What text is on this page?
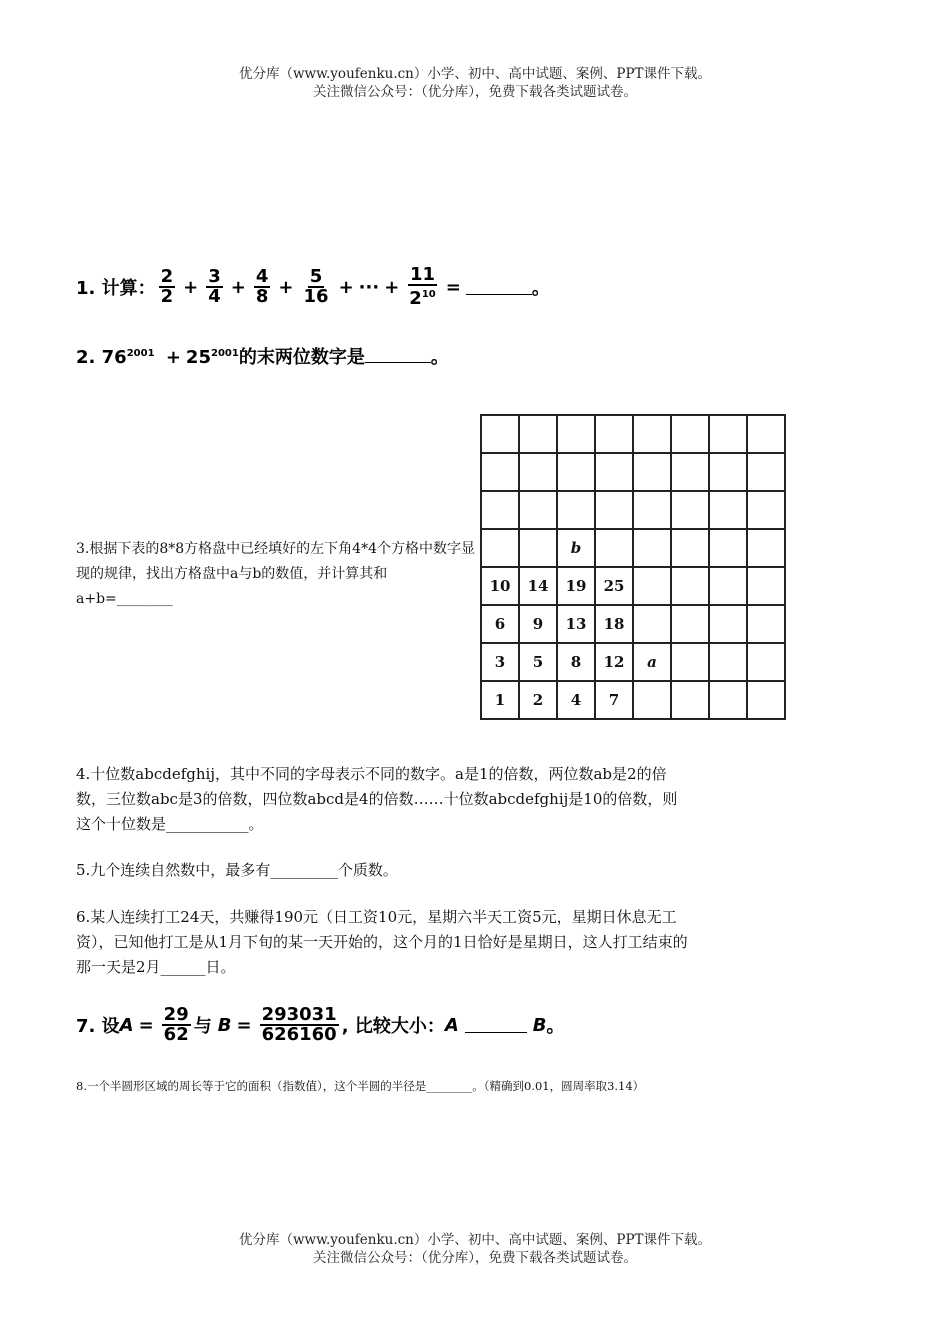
优分库（www.youfenku.cn）小学、初中、高中试题、案例、PPT课件下载。
关注微信公众号：（优分库），免费下载各类试题试卷。
1. 计算： $\frac{2}{2} + \frac{3}{4} + \frac{4}{8} + \frac{5}{16}$ + ··· + $\frac{11}{2^{10}}$ =	。
2. $76^{2001} + 25^{2001}$的末两位数字是	。
3.根据下表的8*8方格盘中已经填好的左下角4*4个方格中数字显现的规律，找出方格盘中a与b的数值，并计算其和a+b=________

		b					
10	14	19	25				
6	9	13	18				
3	5	8	12	a			
1	2	4	7				
4.十位数abcdefghij，其中不同的字母表示不同的数字。a是1的倍数，两位数ab是2的倍
数，三位数abc是3的倍数，四位数abcd是4的倍数……十位数abcdefghij是10的倍数，则
这个十位数是___________。
5.九个连续自然数中，最多有_________个质数。
6.某人连续打工24天，共赚得190元（日工资10元，星期六半天工资5元，星期日休息无工
资），已知他打工是从1月下旬的某一天开始的，这个月的1日恰好是星期日，这人打工结束的
那一天是2月______日。
7. 设 $A = \frac{29}{62}$ 与 $B = \frac{293031}{626160}$ , 比较大小： A	B 。
8.一个半圆形区域的周长等于它的面积（指数值），这个半圆的半径是________。（精确到0.01，圆周率取3.14）
优分库（www.youfenku.cn）小学、初中、高中试题、案例、PPT课件下载。
关注微信公众号：（优分库），免费下载各类试题试卷。
